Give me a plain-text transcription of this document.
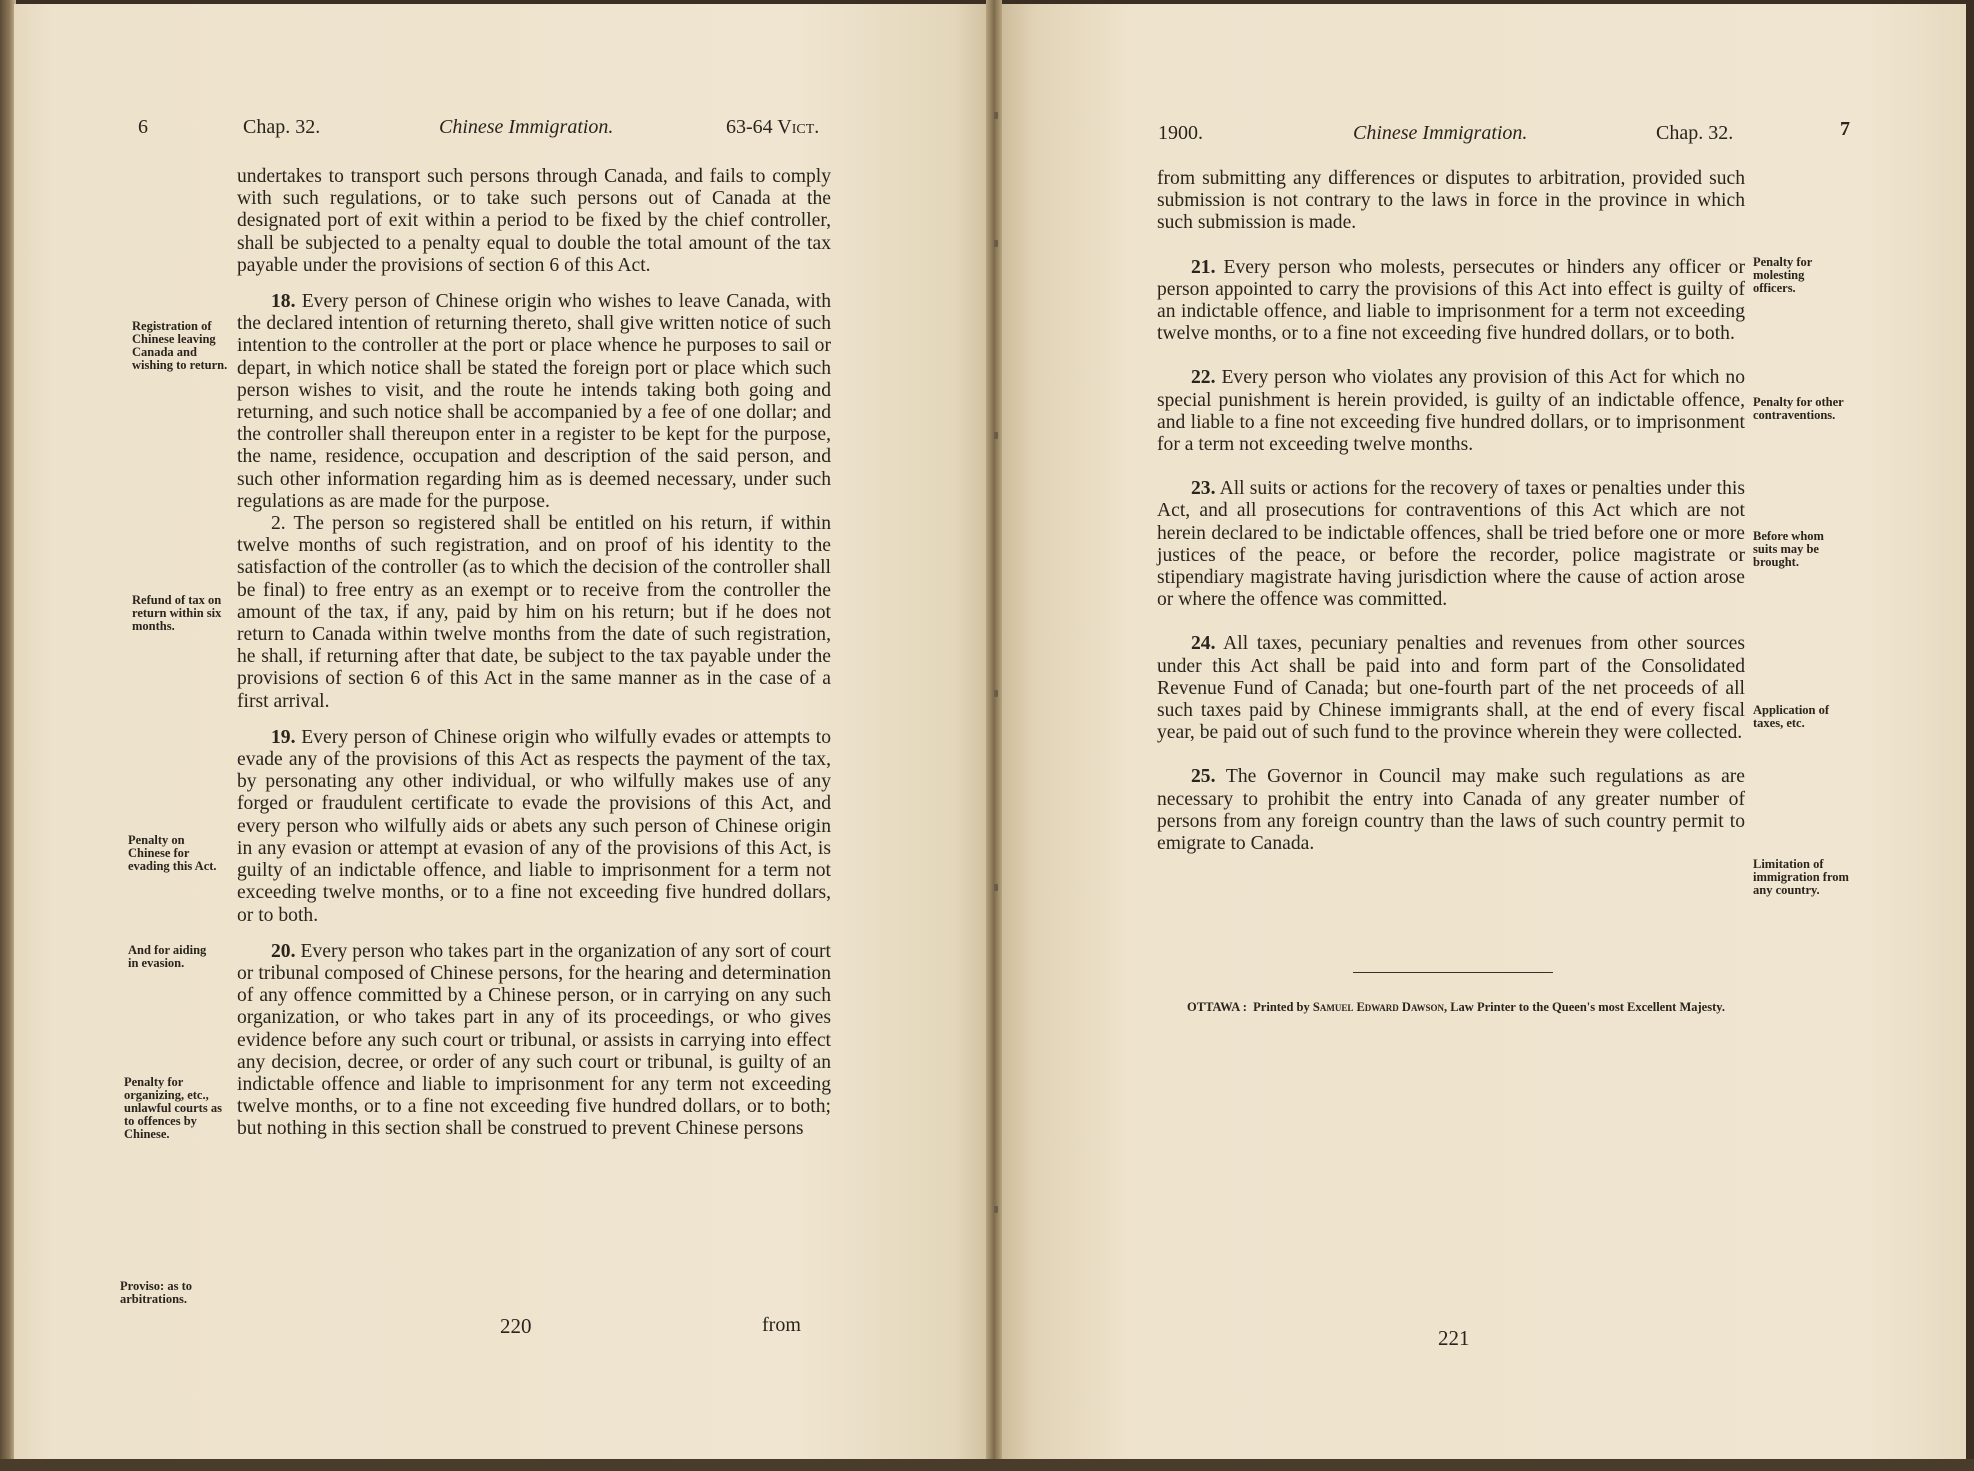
6	Chap. 32.	Chinese Immigration.	63-64 Vict.

undertakes to transport such persons through Canada, and fails to comply with such regulations, or to take such persons out of Canada at the designated port of exit within a period to be fixed by the chief controller, shall be subjected to a penalty equal to double the total amount of the tax payable under the provisions of section 6 of this Act.

18. Every person of Chinese origin who wishes to leave Canada, with the declared intention of returning thereto, shall give written notice of such intention to the controller at the port or place whence he purposes to sail or depart, in which notice shall be stated the foreign port or place which such person wishes to visit, and the route he intends taking both going and returning, and such notice shall be accompanied by a fee of one dollar; and the controller shall thereupon enter in a register to be kept for the purpose, the name, residence, occupation and description of the said person, and such other information regarding him as is deemed necessary, under such regulations as are made for the purpose.

2. The person so registered shall be entitled on his return, if within twelve months of such registration, and on proof of his identity to the satisfaction of the controller (as to which the decision of the controller shall be final) to free entry as an exempt or to receive from the controller the amount of the tax, if any, paid by him on his return; but if he does not return to Canada within twelve months from the date of such registration, he shall, if returning after that date, be subject to the tax payable under the provisions of section 6 of this Act in the same manner as in the case of a first arrival.

19. Every person of Chinese origin who wilfully evades or attempts to evade any of the provisions of this Act as respects the payment of the tax, by personating any other individual, or who wilfully makes use of any forged or fraudulent certificate to evade the provisions of this Act, and every person who wilfully aids or abets any such person of Chinese origin in any evasion or attempt at evasion of any of the provisions of this Act, is guilty of an indictable offence, and liable to imprisonment for a term not exceeding twelve months, or to a fine not exceeding five hundred dollars, or to both.

20. Every person who takes part in the organization of any sort of court or tribunal composed of Chinese persons, for the hearing and determination of any offence committed by a Chinese person, or in carrying on any such organization, or who takes part in any of its proceedings, or who gives evidence before any such court or tribunal, or assists in carrying into effect any decision, decree, or order of any such court or tribunal, is guilty of an indictable offence and liable to imprisonment for any term not exceeding twelve months, or to a fine not exceeding five hundred dollars, or to both; but nothing in this section shall be construed to prevent Chinese persons

220	from
Registration of Chinese leaving Canada and wishing to return.
Refund of tax on return within six months.
Penalty on Chinese for evading this Act.
And for aiding in evasion.
Penalty for organizing, etc., unlawful courts as to offences by Chinese.
Proviso: as to arbitrations.
1900.	Chinese Immigration.	Chap. 32.	7

from submitting any differences or disputes to arbitration, provided such submission is not contrary to the laws in force in the province in which such submission is made.

21. Every person who molests, persecutes or hinders any officer or person appointed to carry the provisions of this Act into effect is guilty of an indictable offence, and liable to imprisonment for a term not exceeding twelve months, or to a fine not exceeding five hundred dollars, or to both.

22. Every person who violates any provision of this Act for which no special punishment is herein provided, is guilty of an indictable offence, and liable to a fine not exceeding five hundred dollars, or to imprisonment for a term not exceeding twelve months.

23. All suits or actions for the recovery of taxes or penalties under this Act, and all prosecutions for contraventions of this Act which are not herein declared to be indictable offences, shall be tried before one or more justices of the peace, or before the recorder, police magistrate or stipendiary magistrate having jurisdiction where the cause of action arose or where the offence was committed.

24. All taxes, pecuniary penalties and revenues from other sources under this Act shall be paid into and form part of the Consolidated Revenue Fund of Canada; but one-fourth part of the net proceeds of all such taxes paid by Chinese immigrants shall, at the end of every fiscal year, be paid out of such fund to the province wherein they were collected.

25. The Governor in Council may make such regulations as are necessary to prohibit the entry into Canada of any greater number of persons from any foreign country than the laws of such country permit to emigrate to Canada.

Penalty for molesting officers.
Penalty for other contraventions.
Before whom suits may be brought.
Application of taxes, etc.
Limitation of immigration from any country.
OTTAWA : Printed by Samuel Edward Dawson, Law Printer to the Queen's most Excellent Majesty.
221
